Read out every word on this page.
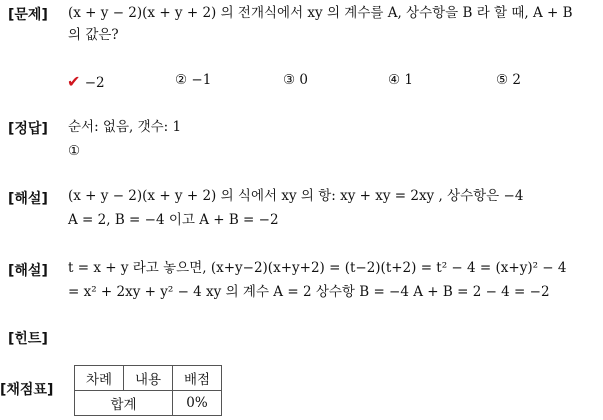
[문제] (x + y − 2)(x + y + 2) 의 전개식에서 xy 의 계수를 A, 상수항을 B 라 할 때, A + B
의 값은?
✔ −2	② −1	③ 0	④ 1	⑤ 2
[정답] 순서: 없음, 갯수: 1
①
[해설] (x + y − 2)(x + y + 2) 의 식에서 xy 의 항: xy + xy = 2xy , 상수항은 −4
A = 2, B = −4 이고 A + B = −2
[해설] t = x + y 라고 놓으면, (x+y−2)(x+y+2) = (t−2)(t+2) = t² − 4 = (x+y)² − 4
= x² + 2xy + y² − 4 xy 의 계수 A = 2 상수항 B = −4 A + B = 2 − 4 = −2
[힌트]
[채점표]
차례	내용	배점
합계		0%
